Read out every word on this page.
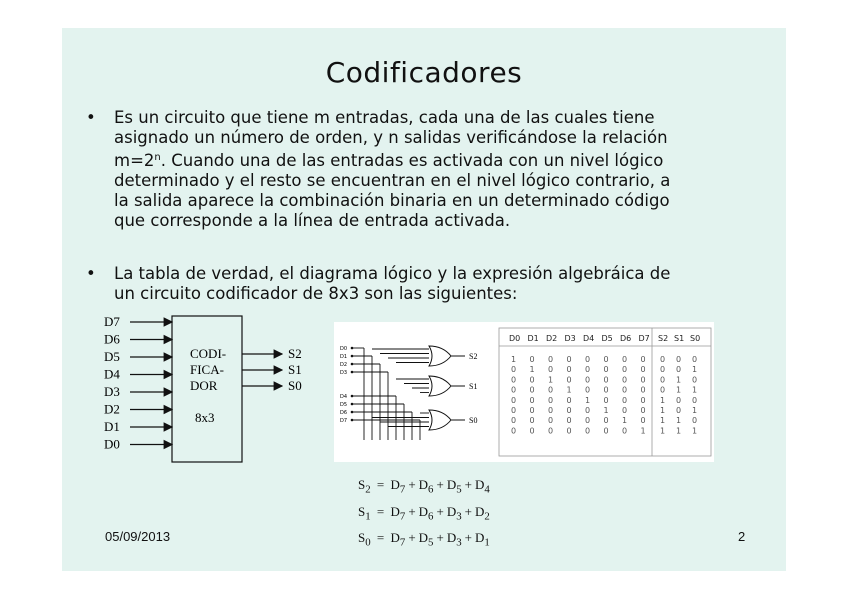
Codificadores
• Es un circuito que tiene m entradas, cada una de las cuales tiene
asignado un número de orden, y n salidas verificándose la relación
$m=2^n$. Cuando una de las entradas es activada con un nivel lógico
determinado y el resto se encuentran en el nivel lógico contrario, a
la salida aparece la combinación binaria en un determinado código
que corresponde a la línea de entrada activada.
• La tabla de verdad, el diagrama lógico y la expresión algebráica de
un circuito codificador de 8x3 son las siguientes:
D7
D6
D5
D4
D3
D2
D1
D0
S2
S1
S0
CODI-
FICA-
DOR
8x3
D0
D1
D2
D3
D4
D5
D6
D7
S2
S1
S0
D0 D1 D2 D3 D4 D5 D6 D7 S2 S1 S0
1 0 0 0 0 0 0 0 0 0 0
0 1 0 0 0 0 0 0 0 0 1
0 0 1 0 0 0 0 0 0 1 0
0 0 0 1 0 0 0 0 0 1 1
0 0 0 0 1 0 0 0 1 0 0
0 0 0 0 0 1 0 0 1 0 1
0 0 0 0 0 0 1 0 1 1 0
0 0 0 0 0 0 0 1 1 1 1
$S_2 = D_7 + D_6 + D_5 + D_4$
$S_1 = D_7 + D_6 + D_3 + D_2$
$S_0 = D_7 + D_5 + D_3 + D_1$
05/09/2013	2
